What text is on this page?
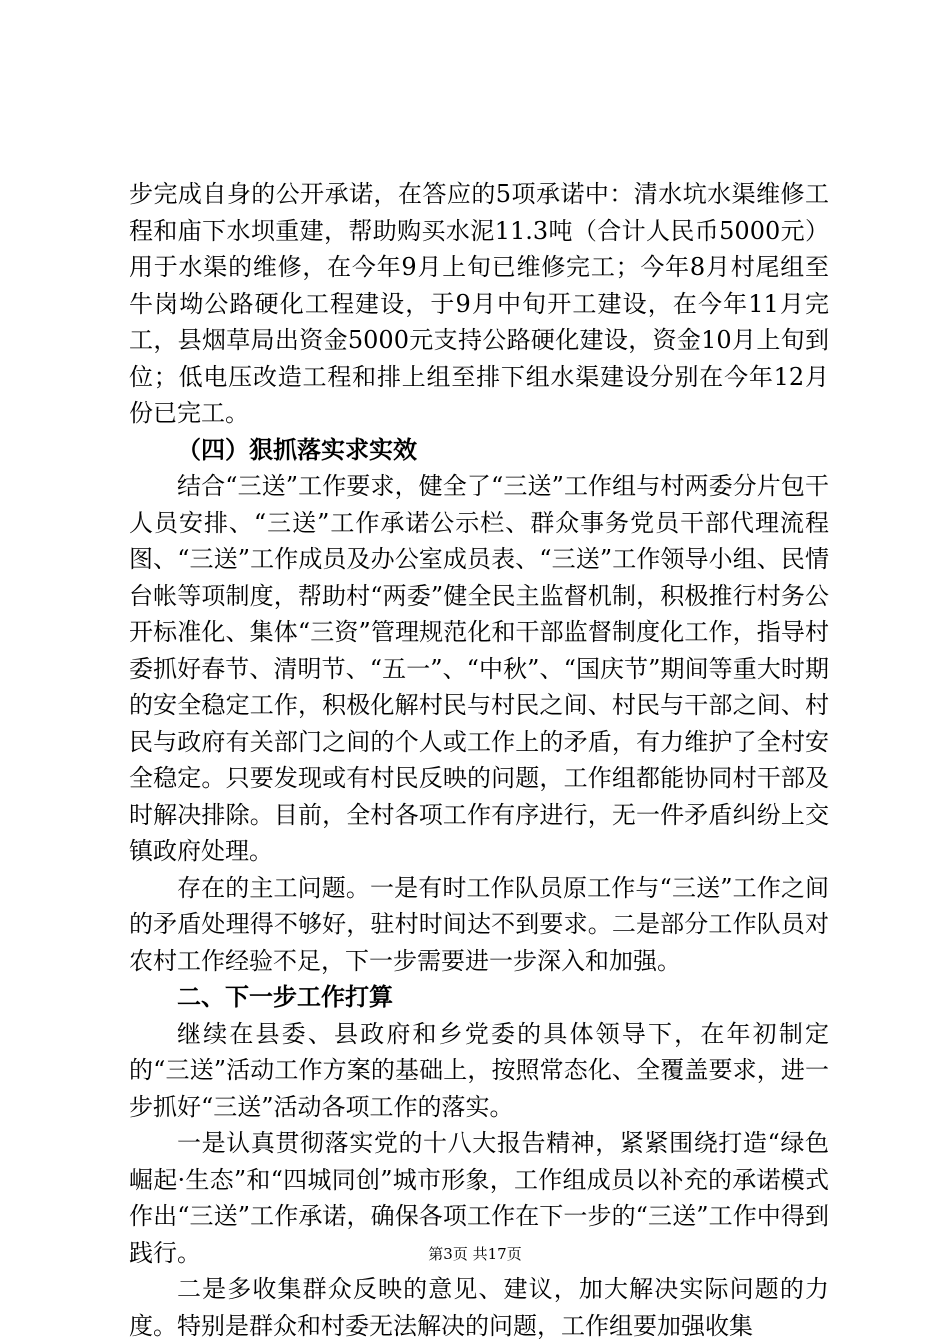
步完成自身的公开承诺，在答应的5项承诺中：清水坑水渠维修工程和庙下水坝重建，帮助购买水泥11.3吨（合计人民币5000元）用于水渠的维修，在今年9月上旬已维修完工；今年8月村尾组至牛岗坳公路硬化工程建设，于9月中旬开工建设，在今年11月完工，县烟草局出资金5000元支持公路硬化建设，资金10月上旬到位；低电压改造工程和排上组至排下组水渠建设分别在今年12月份已完工。

（四）狠抓落实求实效

结合“三送”工作要求，健全了“三送”工作组与村两委分片包干人员安排、“三送”工作承诺公示栏、群众事务党员干部代理流程图、“三送”工作成员及办公室成员表、“三送”工作领导小组、民情台帐等项制度，帮助村“两委”健全民主监督机制，积极推行村务公开标准化、集体“三资”管理规范化和干部监督制度化工作，指导村委抓好春节、清明节、“五一”、“中秋”、“国庆节”期间等重大时期的安全稳定工作，积极化解村民与村民之间、村民与干部之间、村民与政府有关部门之间的个人或工作上的矛盾，有力维护了全村安全稳定。只要发现或有村民反映的问题，工作组都能协同村干部及时解决排除。目前，全村各项工作有序进行，无一件矛盾纠纷上交镇政府处理。

存在的主工问题。一是有时工作队员原工作与“三送”工作之间的矛盾处理得不够好，驻村时间达不到要求。二是部分工作队员对农村工作经验不足，下一步需要进一步深入和加强。

二、下一步工作打算

继续在县委、县政府和乡党委的具体领导下，在年初制定的“三送”活动工作方案的基础上，按照常态化、全覆盖要求，进一步抓好“三送”活动各项工作的落实。

一是认真贯彻落实党的十八大报告精神，紧紧围绕打造“绿色崛起·生态”和“四城同创”城市形象，工作组成员以补充的承诺模式作出“三送”工作承诺，确保各项工作在下一步的“三送”工作中得到践行。

二是多收集群众反映的意见、建议，加大解决实际问题的力度。特别是群众和村委无法解决的问题，工作组要加强收集

第3页 共17页
